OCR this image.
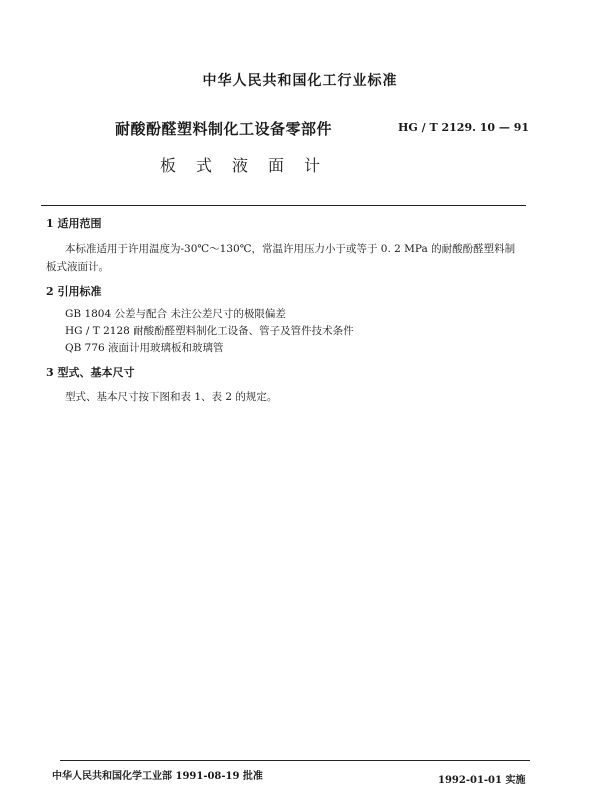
中华人民共和国化工行业标准
耐酸酚醛塑料制化工设备零部件	HG / T 2129. 10 — 91
板式液面计
1 适用范围
本标准适用于许用温度为-30℃～130℃，常温许用压力小于或等于 0. 2 MPa 的耐酸酚醛塑料制
板式液面计。
2 引用标准
GB 1804 公差与配合 未注公差尺寸的极限偏差
HG / T 2128 耐酸酚醛塑料制化工设备、管子及管件技术条件
QB 776 液面计用玻璃板和玻璃管
3 型式、基本尺寸
型式、基本尺寸按下图和表 1、表 2 的规定。
中华人民共和国化学工业部 1991-08-19 批准	1992-01-01 实施
